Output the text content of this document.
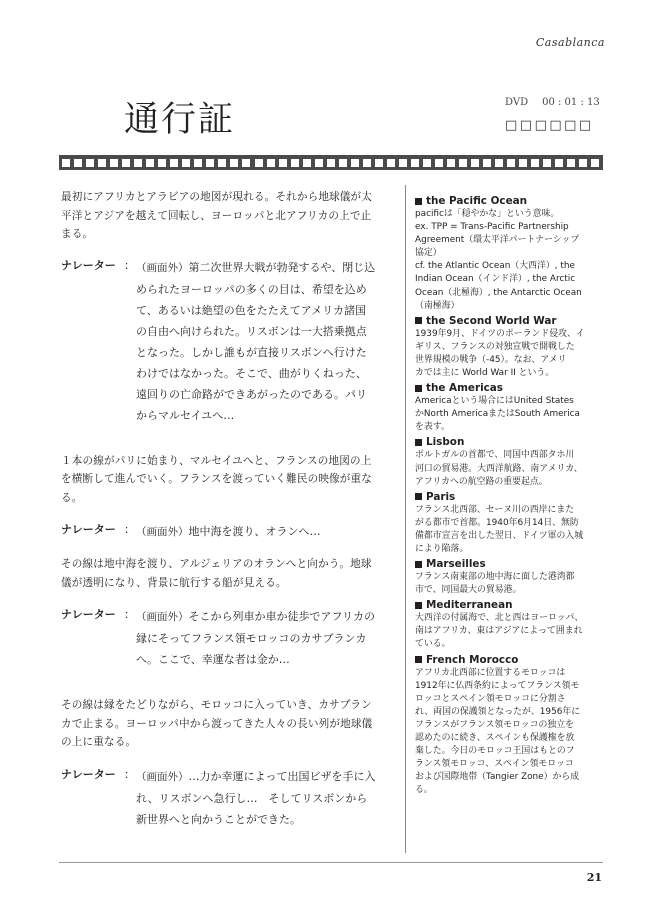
Casablanca
通行証	DVD 00 : 01 : 13
□□□□□□
最初にアフリカとアラビアの地図が現れる。それから地球儀が太
平洋とアジアを越えて回転し、ヨーロッパと北アフリカの上で止
まる。
ナレーター ： （画面外）第二次世界大戦が勃発するや、閉じ込
められたヨーロッパの多くの目は、希望を込め
て、あるいは絶望の色をたたえてアメリカ諸国
の自由へ向けられた。リスボンは一大搭乗拠点
となった。しかし誰もが直接リスボンへ行けた
わけではなかった。そこで、曲がりくねった、
遠回りの亡命路ができあがったのである。パリ
からマルセイユへ…
１本の線がパリに始まり、マルセイユへと、フランスの地図の上
を横断して進んでいく。フランスを渡っていく難民の映像が重な
る。
ナレーター ： （画面外）地中海を渡り、オランへ…
その線は地中海を渡り、アルジェリアのオランへと向かう。地球
儀が透明になり、背景に航行する船が見える。
ナレーター ： （画面外）そこから列車か車か徒歩でアフリカの
縁にそってフランス領モロッコのカサブランカ
へ。ここで、幸運な者は金か…
その線は縁をたどりながら、モロッコに入っていき、カサブラン
カで止まる。ヨーロッパ中から渡ってきた人々の長い列が地球儀
の上に重なる。
ナレーター ： （画面外）…力か幸運によって出国ビザを手に入
れ、リスボンへ急行し…　そしてリスボンから
新世界へと向かうことができた。
the Pacific Ocean
pacificは「穏やかな」という意味。
ex. TPP = Trans-Pacific Partnership
Agreement（環太平洋パートナーシップ
協定）
cf. the Atlantic Ocean（大西洋）, the
Indian Ocean（インド洋）, the Arctic
Ocean（北極海）, the Antarctic Ocean
（南極海）
the Second World War
1939年9月、ドイツのポーランド侵攻、イ
ギリス、フランスの対独宣戦で開戦した
世界規模の戦争（-45）。なお、アメリ
カでは主に World War II という。
the Americas
Americaという場合にはUnited States
かNorth AmericaまたはSouth America
を表す。
Lisbon
ポルトガルの首都で、同国中西部タホ川
河口の貿易港。大西洋航路、南アメリカ、
アフリカへの航空路の重要起点。
Paris
フランス北西部、セーヌ川の西岸にまた
がる都市で首都。1940年6月14日、無防
備都市宣言を出した翌日、ドイツ軍の入城
により陥落。
Marseilles
フランス南東部の地中海に面した港湾都
市で、同国最大の貿易港。
Mediterranean
大西洋の付属海で、北と西はヨーロッパ、
南はアフリカ、東はアジアによって囲まれ
ている。
French Morocco
アフリカ北西部に位置するモロッコは
1912年に仏西条約によってフランス領モ
ロッコとスペイン領モロッコに分割さ
れ、両国の保護領となったが、1956年に
フランスがフランス領モロッコの独立を
認めたのに続き、スペインも保護権を放
棄した。今日のモロッコ王国はもとのフ
ランス領モロッコ、スペイン領モロッコ
および国際地帯（Tangier Zone）から成
る。
21
